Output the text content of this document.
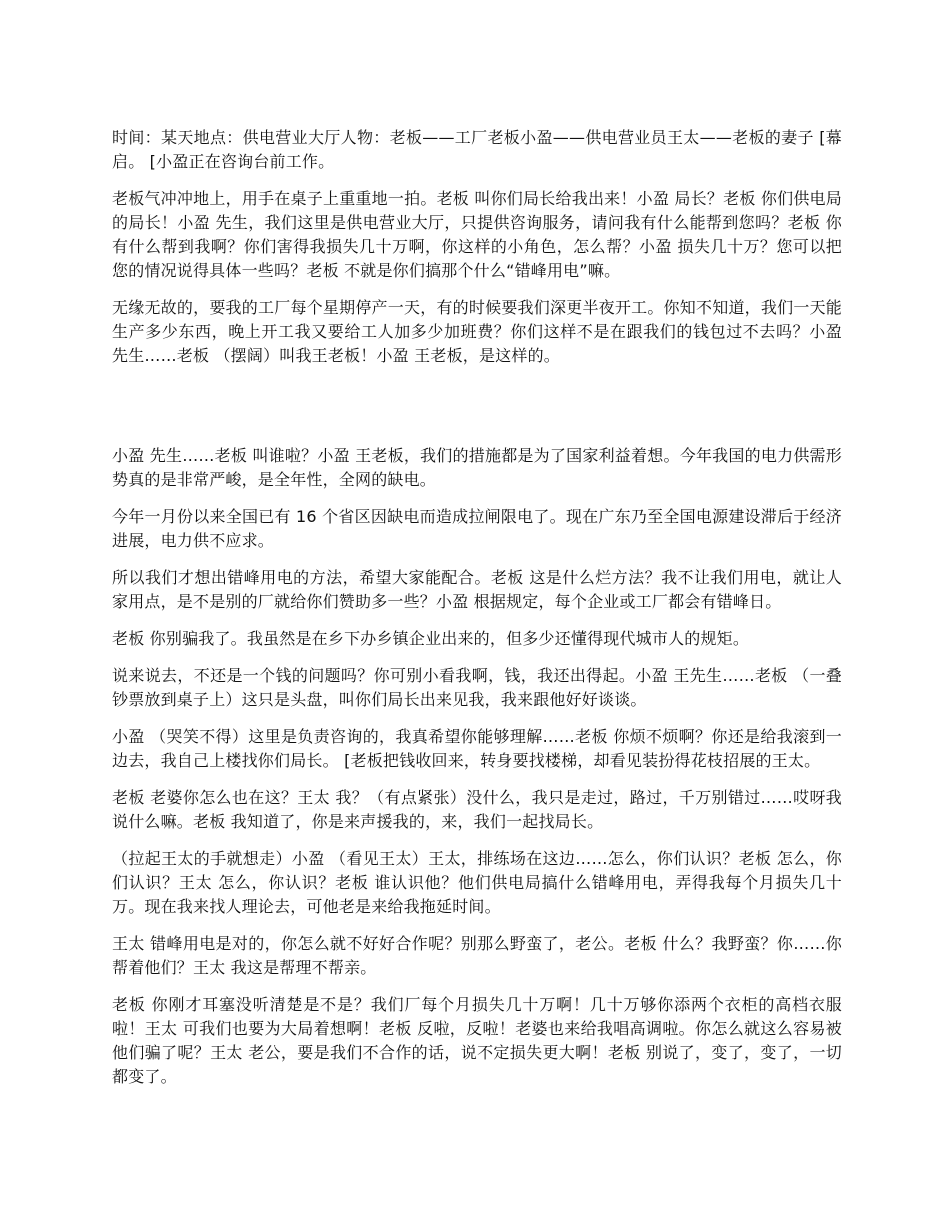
时间：某天地点：供电营业大厅人物：老板——工厂老板小盈——供电营业员王太——老板的妻子 [幕启。 [小盈正在咨询台前工作。

老板气冲冲地上，用手在桌子上重重地一拍。老板 叫你们局长给我出来！小盈 局长？老板 你们供电局的局长！小盈 先生，我们这里是供电营业大厅，只提供咨询服务，请问我有什么能帮到您吗？老板 你有什么帮到我啊？你们害得我损失几十万啊，你这样的小角色，怎么帮？小盈 损失几十万？您可以把您的情况说得具体一些吗？老板 不就是你们搞那个什么“错峰用电”嘛。

无缘无故的，要我的工厂每个星期停产一天，有的时候要我们深更半夜开工。你知不知道，我们一天能生产多少东西，晚上开工我又要给工人加多少加班费？你们这样不是在跟我们的钱包过不去吗？小盈 先生……老板 （摆阔）叫我王老板！小盈 王老板，是这样的。

小盈 先生……老板 叫谁啦？小盈 王老板，我们的措施都是为了国家利益着想。今年我国的电力供需形势真的是非常严峻，是全年性，全网的缺电。

今年一月份以来全国已有 16 个省区因缺电而造成拉闸限电了。现在广东乃至全国电源建设滞后于经济进展，电力供不应求。

所以我们才想出错峰用电的方法，希望大家能配合。老板 这是什么烂方法？我不让我们用电，就让人家用点，是不是别的厂就给你们赞助多一些？小盈 根据规定，每个企业或工厂都会有错峰日。

老板 你别骗我了。我虽然是在乡下办乡镇企业出来的，但多少还懂得现代城市人的规矩。

说来说去，不还是一个钱的问题吗？你可别小看我啊，钱，我还出得起。小盈 王先生……老板 （一叠钞票放到桌子上）这只是头盘，叫你们局长出来见我，我来跟他好好谈谈。

小盈 （哭笑不得）这里是负责咨询的，我真希望你能够理解……老板 你烦不烦啊？你还是给我滚到一边去，我自己上楼找你们局长。 [老板把钱收回来，转身要找楼梯，却看见装扮得花枝招展的王太。

老板 老婆你怎么也在这？王太 我？（有点紧张）没什么，我只是走过，路过，千万别错过……哎呀我说什么嘛。老板 我知道了，你是来声援我的，来，我们一起找局长。

（拉起王太的手就想走）小盈 （看见王太）王太，排练场在这边……怎么，你们认识？老板 怎么，你们认识？王太 怎么，你认识？老板 谁认识他？他们供电局搞什么错峰用电，弄得我每个月损失几十万。现在我来找人理论去，可他老是来给我拖延时间。

王太 错峰用电是对的，你怎么就不好好合作呢？别那么野蛮了，老公。老板 什么？我野蛮？你……你帮着他们？王太 我这是帮理不帮亲。

老板 你刚才耳塞没听清楚是不是？我们厂每个月损失几十万啊！几十万够你添两个衣柜的高档衣服啦！王太 可我们也要为大局着想啊！老板 反啦，反啦！老婆也来给我唱高调啦。你怎么就这么容易被他们骗了呢？王太 老公，要是我们不合作的话，说不定损失更大啊！老板 别说了，变了，变了，一切都变了。
